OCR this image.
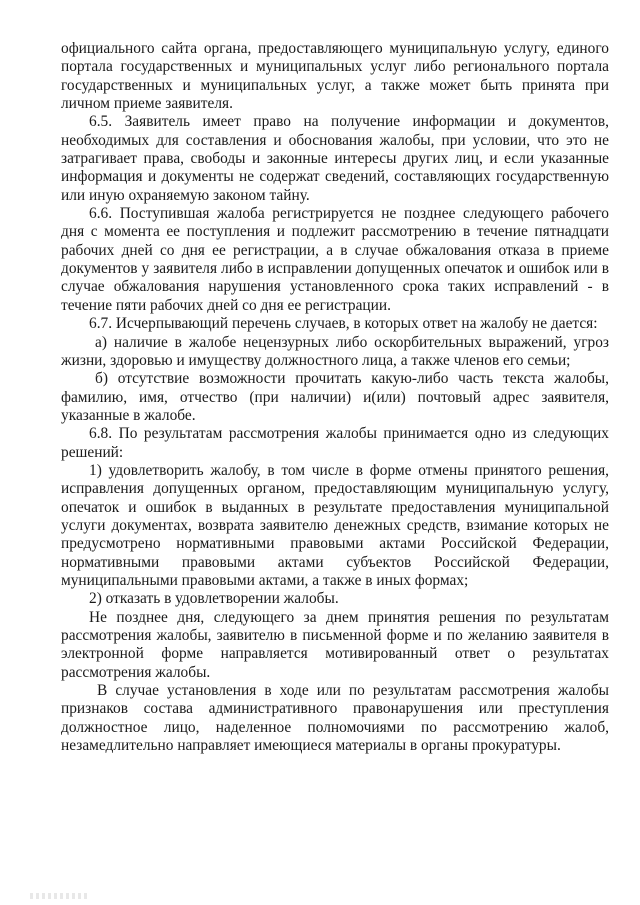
официального сайта органа, предоставляющего муниципальную услугу, единого портала государственных и муниципальных услуг либо регионального портала государственных и муниципальных услуг, а также может быть принята при личном приеме заявителя.

6.5. Заявитель имеет право на получение информации и документов, необходимых для составления и обоснования жалобы, при условии, что это не затрагивает права, свободы и законные интересы других лиц, и если указанные информация и документы не содержат сведений, составляющих государственную или иную охраняемую законом тайну.

6.6. Поступившая жалоба регистрируется не позднее следующего рабочего дня с момента ее поступления и подлежит рассмотрению в течение пятнадцати рабочих дней со дня ее регистрации, а в случае обжалования отказа в приеме документов у заявителя либо в исправлении допущенных опечаток и ошибок или в случае обжалования нарушения установленного срока таких исправлений - в течение пяти рабочих дней со дня ее регистрации.

6.7. Исчерпывающий перечень случаев, в которых ответ на жалобу не дается:

а) наличие в жалобе нецензурных либо оскорбительных выражений, угроз жизни, здоровью и имуществу должностного лица, а также членов его семьи;

б) отсутствие возможности прочитать какую-либо часть текста жалобы, фамилию, имя, отчество (при наличии) и(или) почтовый адрес заявителя, указанные в жалобе.

6.8. По результатам рассмотрения жалобы принимается одно из следующих решений:

1) удовлетворить жалобу, в том числе в форме отмены принятого решения, исправления допущенных органом, предоставляющим муниципальную услугу, опечаток и ошибок в выданных в результате предоставления муниципальной услуги документах, возврата заявителю денежных средств, взимание которых не предусмотрено нормативными правовыми актами Российской Федерации, нормативными правовыми актами субъектов Российской Федерации, муниципальными правовыми актами, а также в иных формах;

2) отказать в удовлетворении жалобы.

Не позднее дня, следующего за днем принятия решения по результатам рассмотрения жалобы, заявителю в письменной форме и по желанию заявителя в электронной форме направляется мотивированный ответ о результатах рассмотрения жалобы.

В случае установления в ходе или по результатам рассмотрения жалобы признаков состава административного правонарушения или преступления должностное лицо, наделенное полномочиями по рассмотрению жалоб, незамедлительно направляет имеющиеся материалы в органы прокуратуры.
